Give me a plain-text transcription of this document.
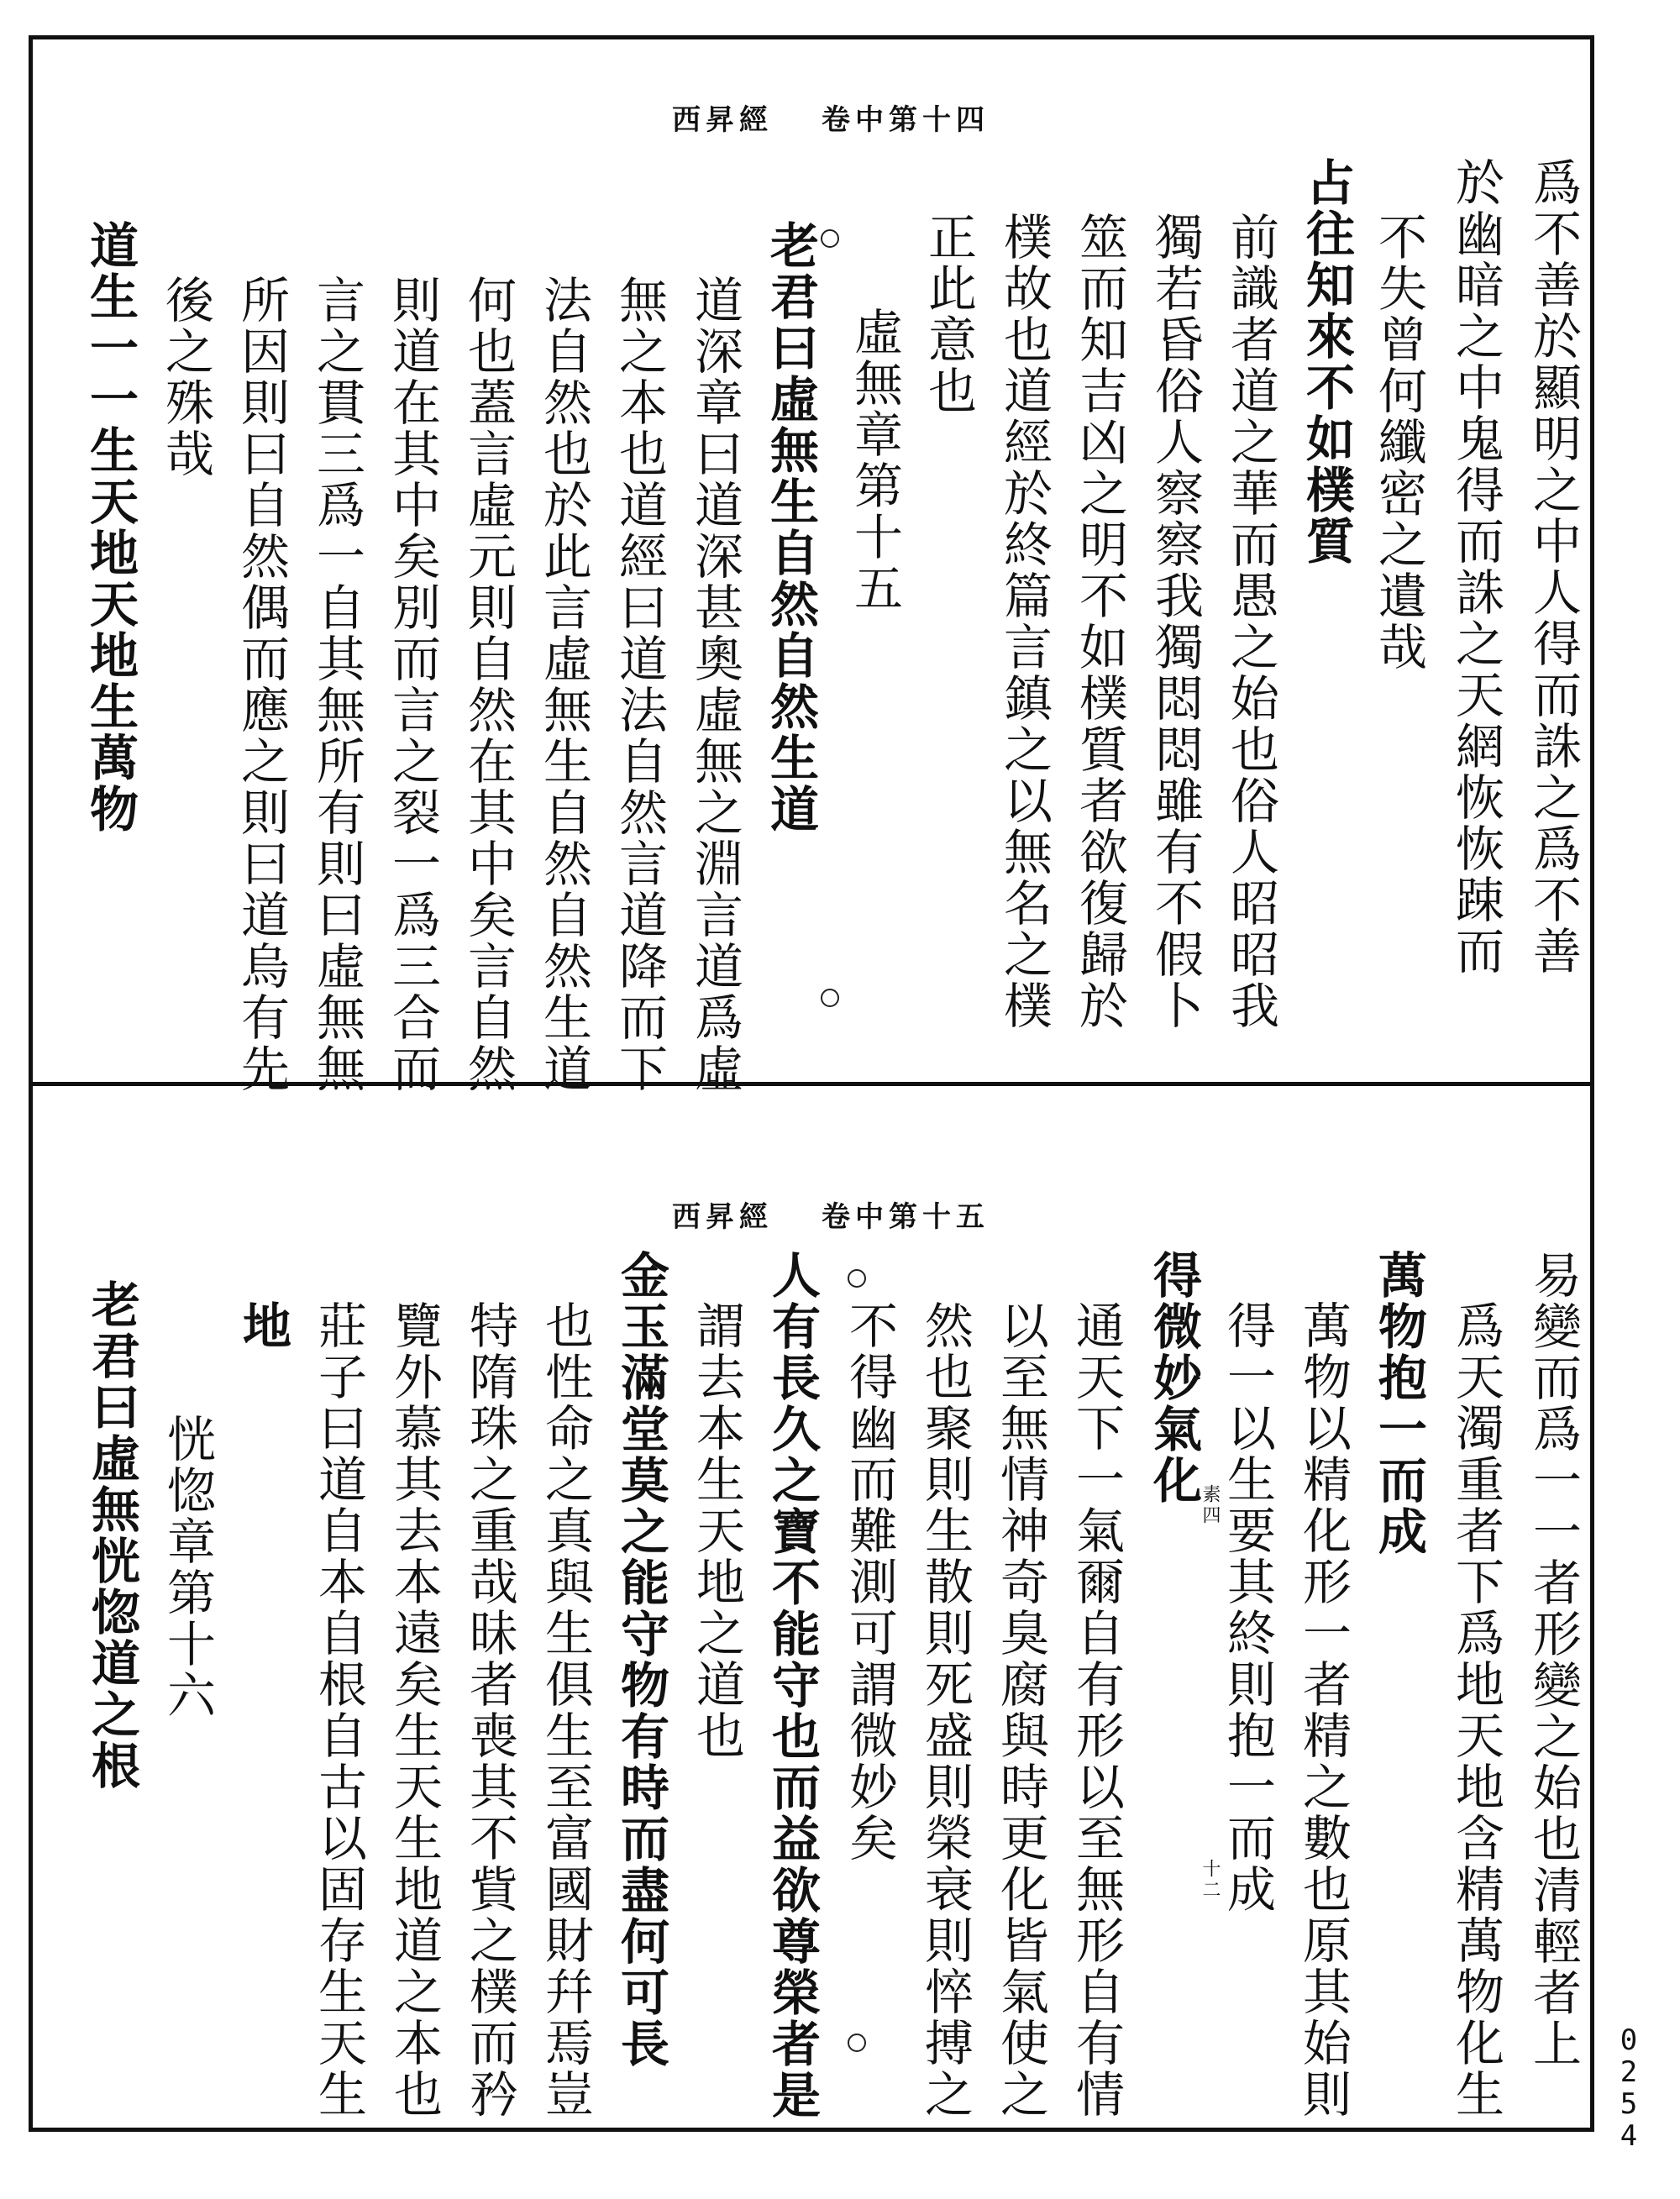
西昇經 卷中第十四
爲不善於顯明之中人得而誅之爲不善
於幽暗之中鬼得而誅之天網恢恢踈而
不失曾何纖密之遺哉
占往知來不如樸質
前識者道之華而愚之始也俗人昭昭我
獨若昏俗人察察我獨悶悶雖有不假卜
筮而知吉凶之明不如樸質者欲復歸於
樸故也道經於終篇言鎮之以無名之樸
正此意也
虛無章第十五
老君曰虛無生自然自然生道
道深章曰道深甚奧虛無之淵言道爲虛
無之本也道經曰道法自然言道降而下
法自然也於此言虛無生自然自然生道
何也蓋言虛元則自然在其中矣言自然
則道在其中矣別而言之裂一爲三合而
言之貫三爲一自其無所有則曰虛無無
所因則曰自然偶而應之則曰道烏有先
後之殊哉
道生一一生天地天地生萬物
西昇經 卷中第十五
易變而爲一一者形變之始也清輕者上
爲天濁重者下爲地天地含精萬物化生
萬物抱一而成
萬物以精化形一者精之數也原其始則
得一以生要其終則抱一而成
素四
十二
得微妙氣化
通天下一氣爾自有形以至無形自有情
以至無情神奇臭腐與時更化皆氣使之
然也聚則生散則死盛則榮衰則悴搏之
不得幽而難測可謂微妙矣
人有長久之寶不能守也而益欲尊榮者是
謂去本生天地之道也
金玉滿堂莫之能守物有時而盡何可長
也性命之真與生俱生至富國財幷焉豈
特隋珠之重哉昧者喪其不貲之樸而矜
覽外慕其去本遠矣生天生地道之本也
莊子曰道自本自根自古以固存生天生
地
恍惚章第十六
老君曰虛無恍惚道之根
0254
